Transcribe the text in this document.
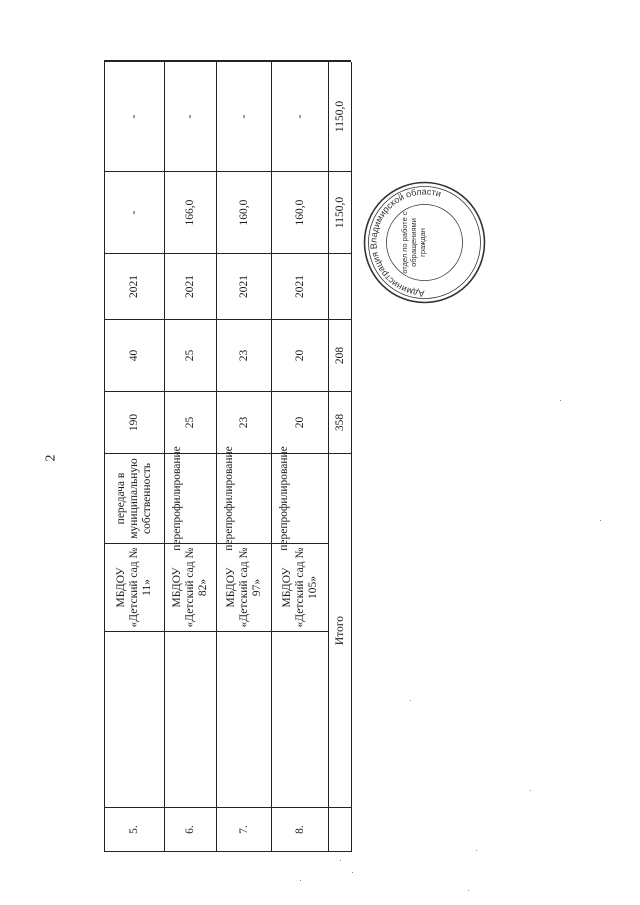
2
5.
МБДОУ «Детский сад № 11»
передача в муниципальную собственность
190
40
2021
-
-
6.
МБДОУ «Детский сад № 82»
перепрофилирование
25
25
2021
166,0
-
7.
МБДОУ «Детский сад № 97»
перепрофилирование
23
23
2021
160,0
-
8.
МБДОУ «Детский сад № 105»
перепрофилирование
20
20
2021
160,0
-
Итого
358
208
1150,0
1150,0
Администрация Владимирской области
отдел по работе с обращениями граждан
